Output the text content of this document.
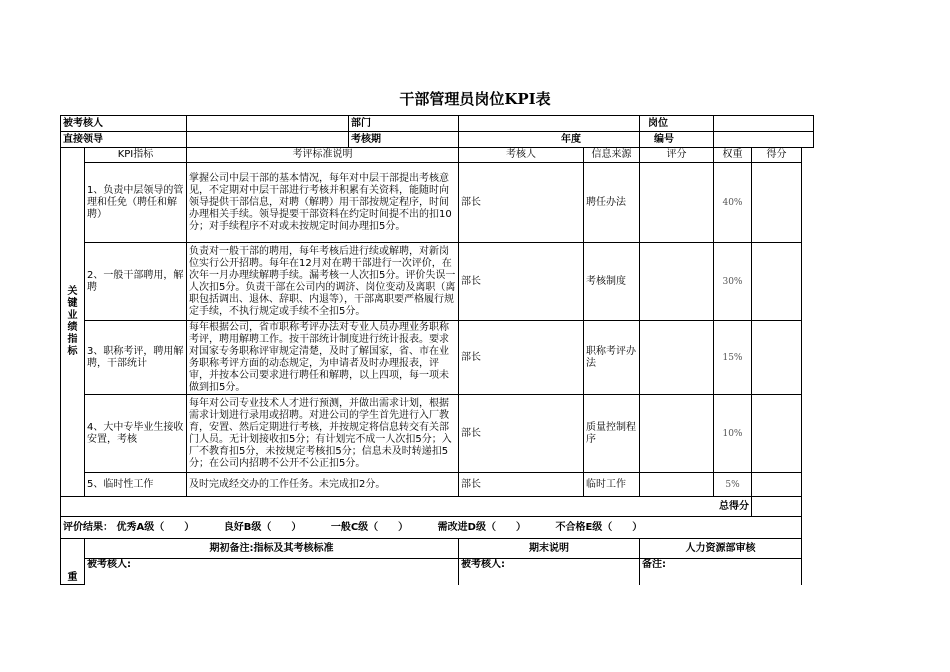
干部管理员岗位KPI表
被考核人			部门			岗位		
直接领导			考核期	年度		编号		

关键业绩指标	KPI指标	考评标准说明		考核人	信息来源	评分	权重	得分
	1、负责中层领导的管理和任免（聘任和解聘）	掌握公司中层干部的基本情况，每年对中层干部提出考核意见，不定期对中层干部进行考核并积累有关资料，能随时向领导提供干部信息，对聘（解聘）用干部按规定程序，时间办理相关手续。领导提要干部资料在约定时间提不出的扣10分；对手续程序不对或未按规定时间办理扣5分。		部长	聘任办法		40%	
	2、一般干部聘用，解聘	负责对一般干部的聘用，每年考核后进行续或解聘，对新岗位实行公开招聘。每年在12月对在聘干部进行一次评价，在次年一月办理续解聘手续。漏考核一人次扣5分。评价失误一人次扣5分。负责干部在公司内的调济、岗位变动及离职（离职包括调出、退休、辞职、内退等），干部离职要严格履行规定手续，不执行规定或手续不全扣5分。		部长	考核制度		30%	
	3、职称考评，聘用解聘，干部统计	每年根据公司，省市职称考评办法对专业人员办理业务职称考评，聘用解聘工作。按干部统计制度进行统计报表。要求对国家专务职称评审规定清楚，及时了解国家，省、市在业务职称考评方面的动态规定，为申请者及时办理报表，评审，并按本公司要求进行聘任和解聘，以上四项，每一项未做到扣5分。		部长	职称考评办法		15%	
	4、大中专毕业生接收安置，考核	每年对公司专业技术人才进行预测，并做出需求计划，根据需求计划进行录用或招聘。对进公司的学生首先进行入厂教育，安置、然后定期进行考核，并按规定将信息转交有关部门人员。无计划接收扣5分；有计划完不成一人次扣5分；入厂不教育扣5分，未按规定考核扣5分；信息未及时转递扣5分；在公司内招聘不公开不公正扣5分。		部长	质量控制程序		10%	
	5、临时性工作	及时完成经交办的工作任务。未完成扣2分。		部长	临时工作		5%	
总得分								
评价结果： 优秀A级（　　） 良好B级（　　） 一般C级（　　） 需改进D级（　　） 不合格E级（　　）								
重	期初备注:指标及其考核标准			期末说明		人力资源部审核		
	被考核人:			被考核人:		备注:		
